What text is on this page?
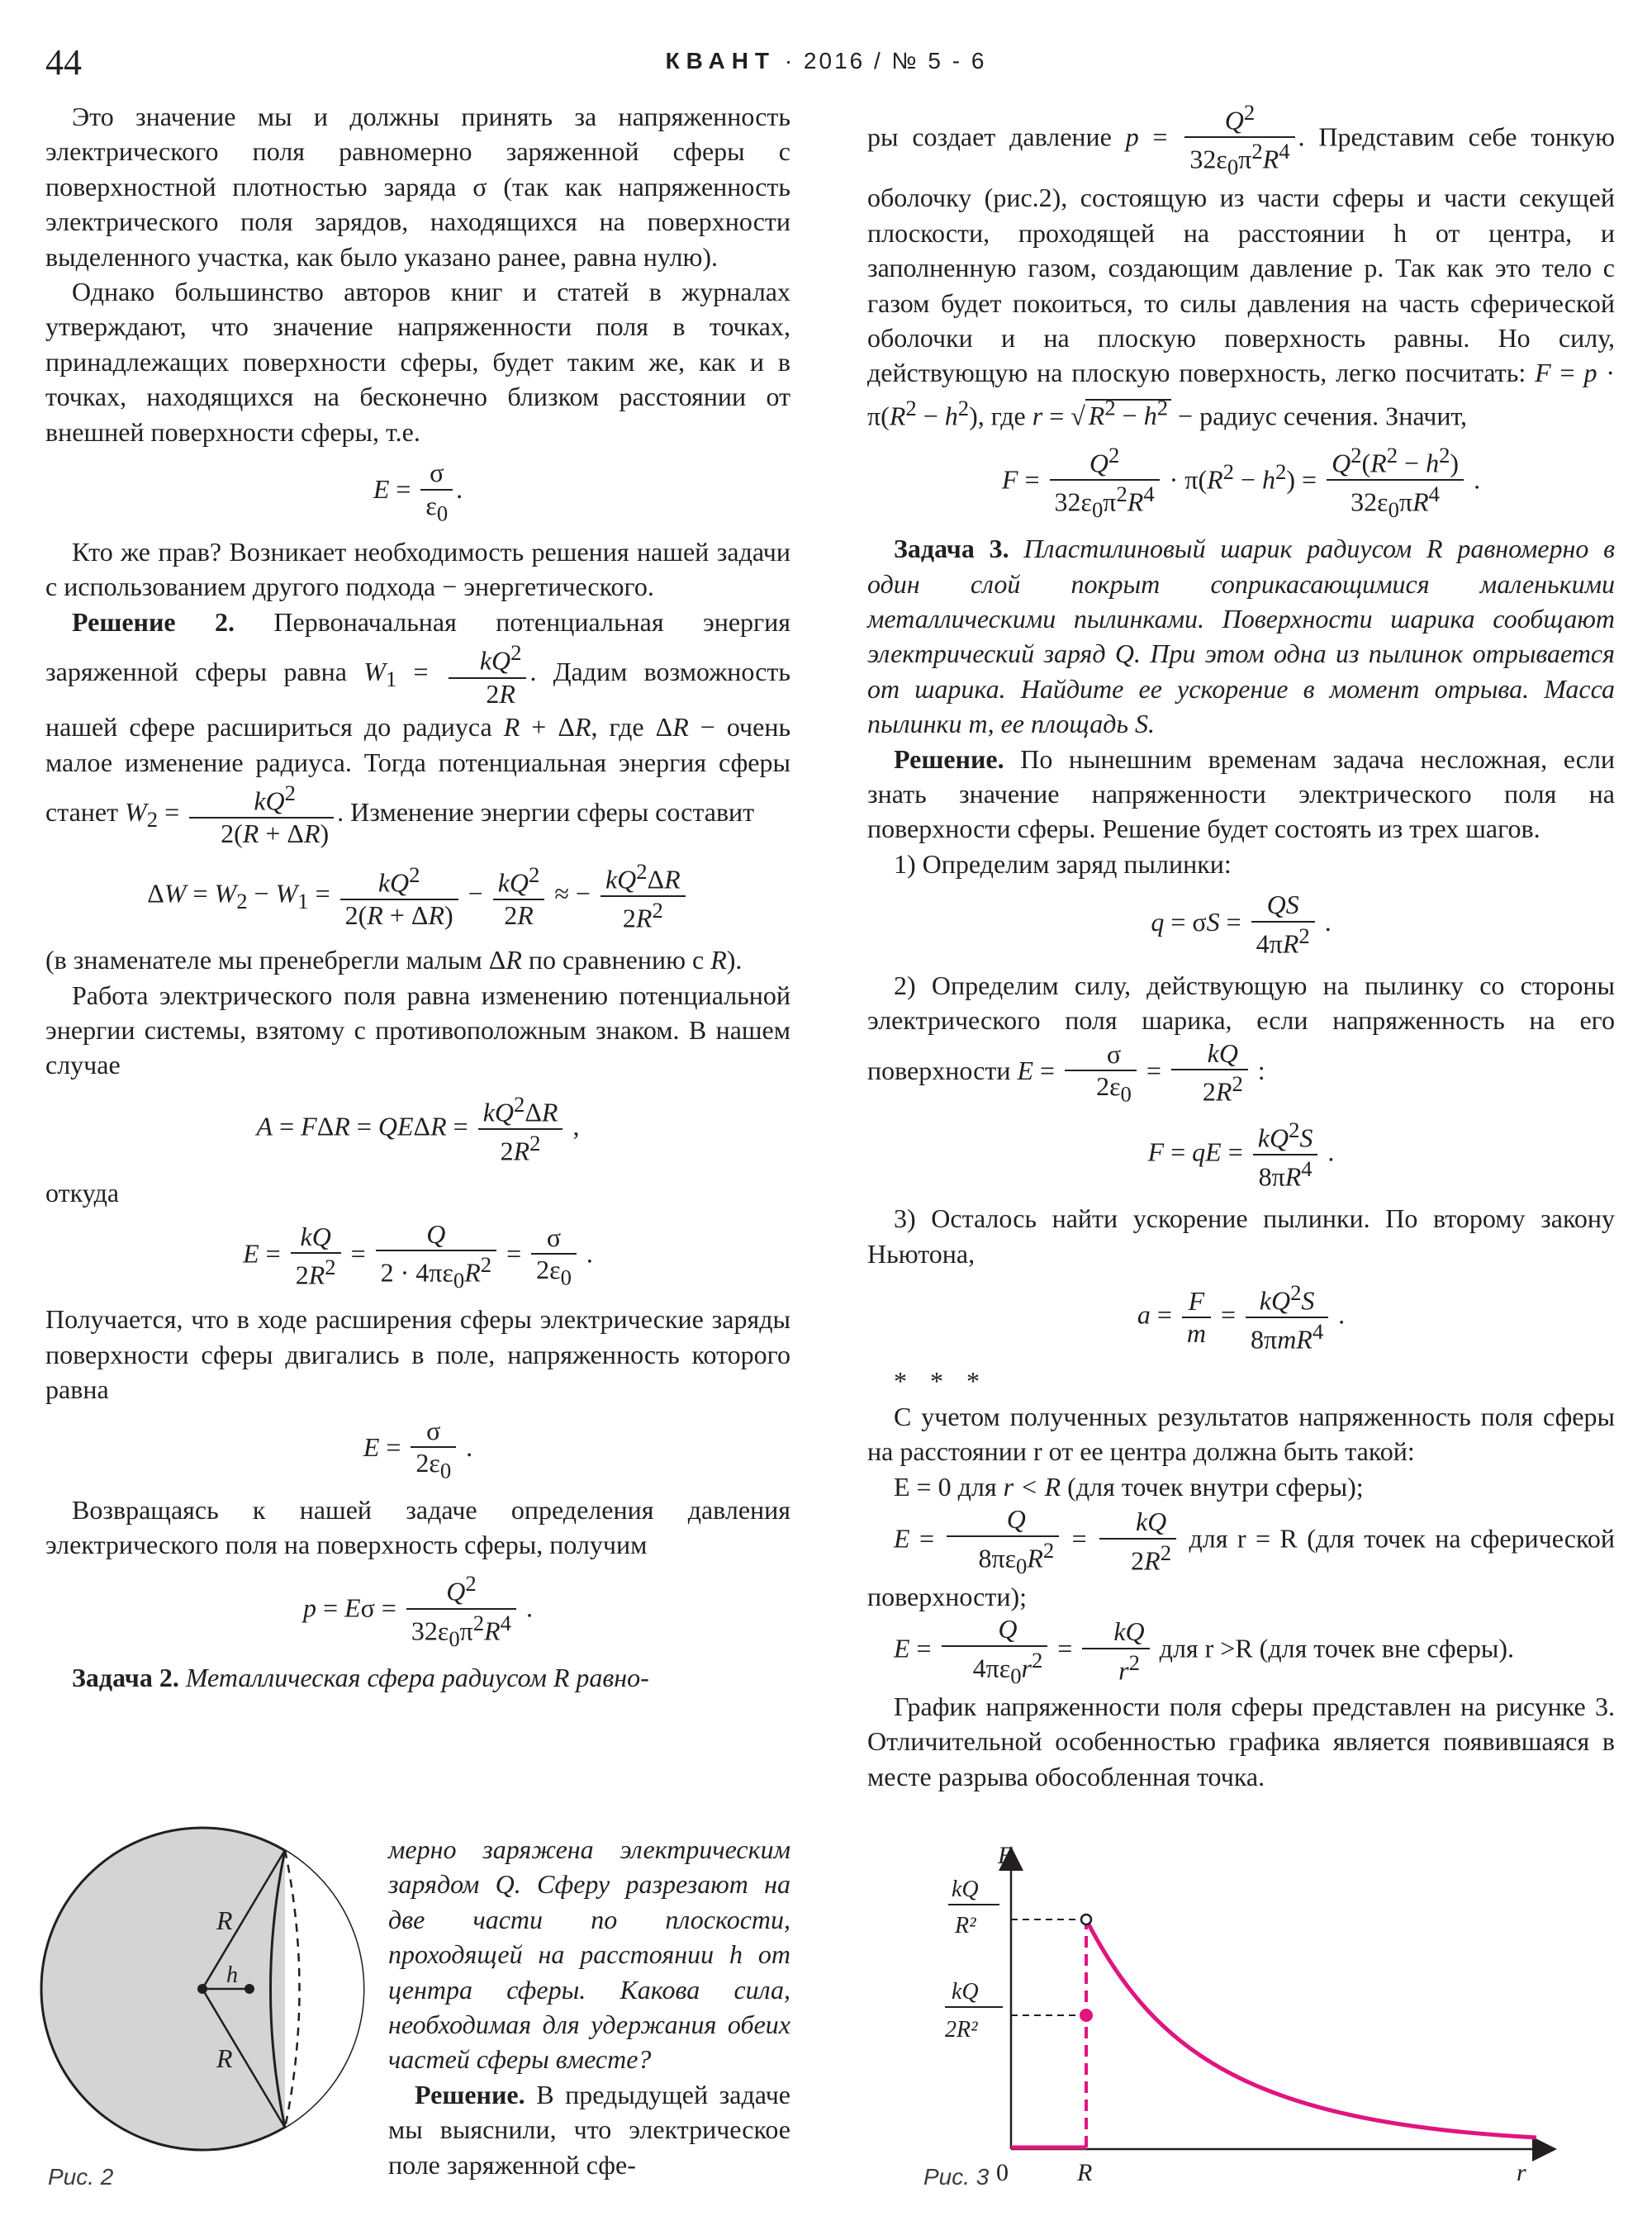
44	КВАНТ · 2016 / № 5 - 6

Это значение мы и должны принять за напряженность электрического поля равномерно заряженной сферы с поверхностной плотностью заряда σ (так как напряженность электрического поля зарядов, находящихся на поверхности выделенного участка, как было указано ранее, равна нулю).

Однако большинство авторов книг и статей в журналах утверждают, что значение напряженности поля в точках, принадлежащих поверхности сферы, будет таким же, как и в точках, находящихся на бесконечно близком расстоянии от внешней поверхности сферы, т.е.

$E = \frac{\sigma}{\varepsilon_0}$ .

Кто же прав? Возникает необходимость решения нашей задачи с использованием другого подхода − энергетического.

Решение 2. Первоначальная потенциальная энергия заряженной сферы равна $W_1 = \frac{kQ^2}{2R}$ . Дадим возможность нашей сфере расшириться до радиуса R + ΔR, где ΔR − очень малое изменение радиуса. Тогда потенциальная энергия сферы станет $W_2 = \frac{kQ^2}{2(R + \Delta R)}$ . Изменение энергии сферы составит

$\Delta W = W_2 - W_1 = \frac{kQ^2}{2(R + \Delta R)} - \frac{kQ^2}{2R}$ ≈ − $\frac{kQ^2\Delta R}{2R^2}$

(в знаменателе мы пренебрегли малым ΔR по сравнению с R).

Работа электрического поля равна изменению потенциальной энергии системы, взятому с противоположным знаком. В нашем случае

$A = F\Delta R = QE\Delta R = \frac{kQ^2\Delta R}{2R^2}$ ,

откуда

$E = \frac{kQ}{2R^2} = \frac{Q}{2 \cdot 4\pi\varepsilon_0R^2} = \frac{\sigma}{2\varepsilon_0}$ .

Получается, что в ходе расширения сферы электрические заряды поверхности сферы двигались в поле, напряженность которого равна

$E = \frac{\sigma}{2\varepsilon_0}$ .

Возвращаясь к нашей задаче определения давления электрического поля на поверхность сферы, получим

$p = E\sigma = \frac{Q^2}{32\varepsilon_0\pi^2R^4}$ .

Задача 2. Металлическая сфера радиусом R равно-

мерно заряжена электрическим зарядом Q. Сферу разрезают на две части по плоскости, проходящей на расстоянии h от центра сферы. Какова сила, необходимая для удержания обеих частей сферы вместе?

Решение. В предыдущей задаче мы выяснили, что электрическое поле заряженной сфе-

R
h
R
Рис. 2

ры создает давление $p = \frac{Q^2}{32\varepsilon_0\pi^2R^4}$ . Представим себе тонкую оболочку (рис.2), состоящую из части сферы и части секущей плоскости, проходящей на расстоянии h от центра, и заполненную газом, создающим давление p. Так как это тело с газом будет покоиться, то силы давления на часть сферической оболочки и на плоскую поверхность равны. Но силу, действующую на плоскую поверхность, легко посчитать: $F = p \cdot \pi(R^2 - h^2)$, где r = √ $R^2 - h^2$ − радиус сечения. Значит,

$F = \frac{Q^2}{32\varepsilon_0\pi^2R^4} \cdot \pi(R^2 - h^2) = \frac{Q^2(R^2 - h^2)}{32\varepsilon_0\pi R^4}$ .

Задача 3. Пластилиновый шарик радиусом R равномерно в один слой покрыт соприкасающимися маленькими металлическими пылинками. Поверхности шарика сообщают электрический заряд Q. При этом одна из пылинок отрывается от шарика. Найдите ее ускорение в момент отрыва. Масса пылинки m, ее площадь S.

Решение. По нынешним временам задача несложная, если знать значение напряженности электрического поля на поверхности сферы. Решение будет состоять из трех шагов.

1) Определим заряд пылинки:

$q = \sigma S = \frac{QS}{4\pi R^2}$ .

2) Определим силу, действующую на пылинку со стороны электрического поля шарика, если напряженность на его поверхности $E = \frac{\sigma}{2\varepsilon_0} = \frac{kQ}{2R^2}$ :

F = qE = $\frac{kQ^2S}{8\pi R^4}$ .

3) Осталось найти ускорение пылинки. По второму закону Ньютона,

$a = \frac{F}{m} = kQ^2S$
8πmR$^4$
.

* * *

С учетом полученных результатов напряженность поля сферы на расстоянии r от ее центра должна быть такой:

E = 0 для r < R (для точек внутри сферы);

$E = \frac{Q}{8\pi\varepsilon_0R^2} = \frac{kQ}{2R^2}$ для r = R (для точек на сферической поверхности);

$E = \frac{Q}{4\pi\varepsilon_0r^2} = \frac{kQ}{r^2}$ для r >R (для точек вне сферы).

График напряженности поля сферы представлен на рисунке 3. Отличительной особенностью графика является появившаяся в месте разрыва обособленная точка.

E
r
0	R
kQ
R²
kQ
2R²
Рис. 3
